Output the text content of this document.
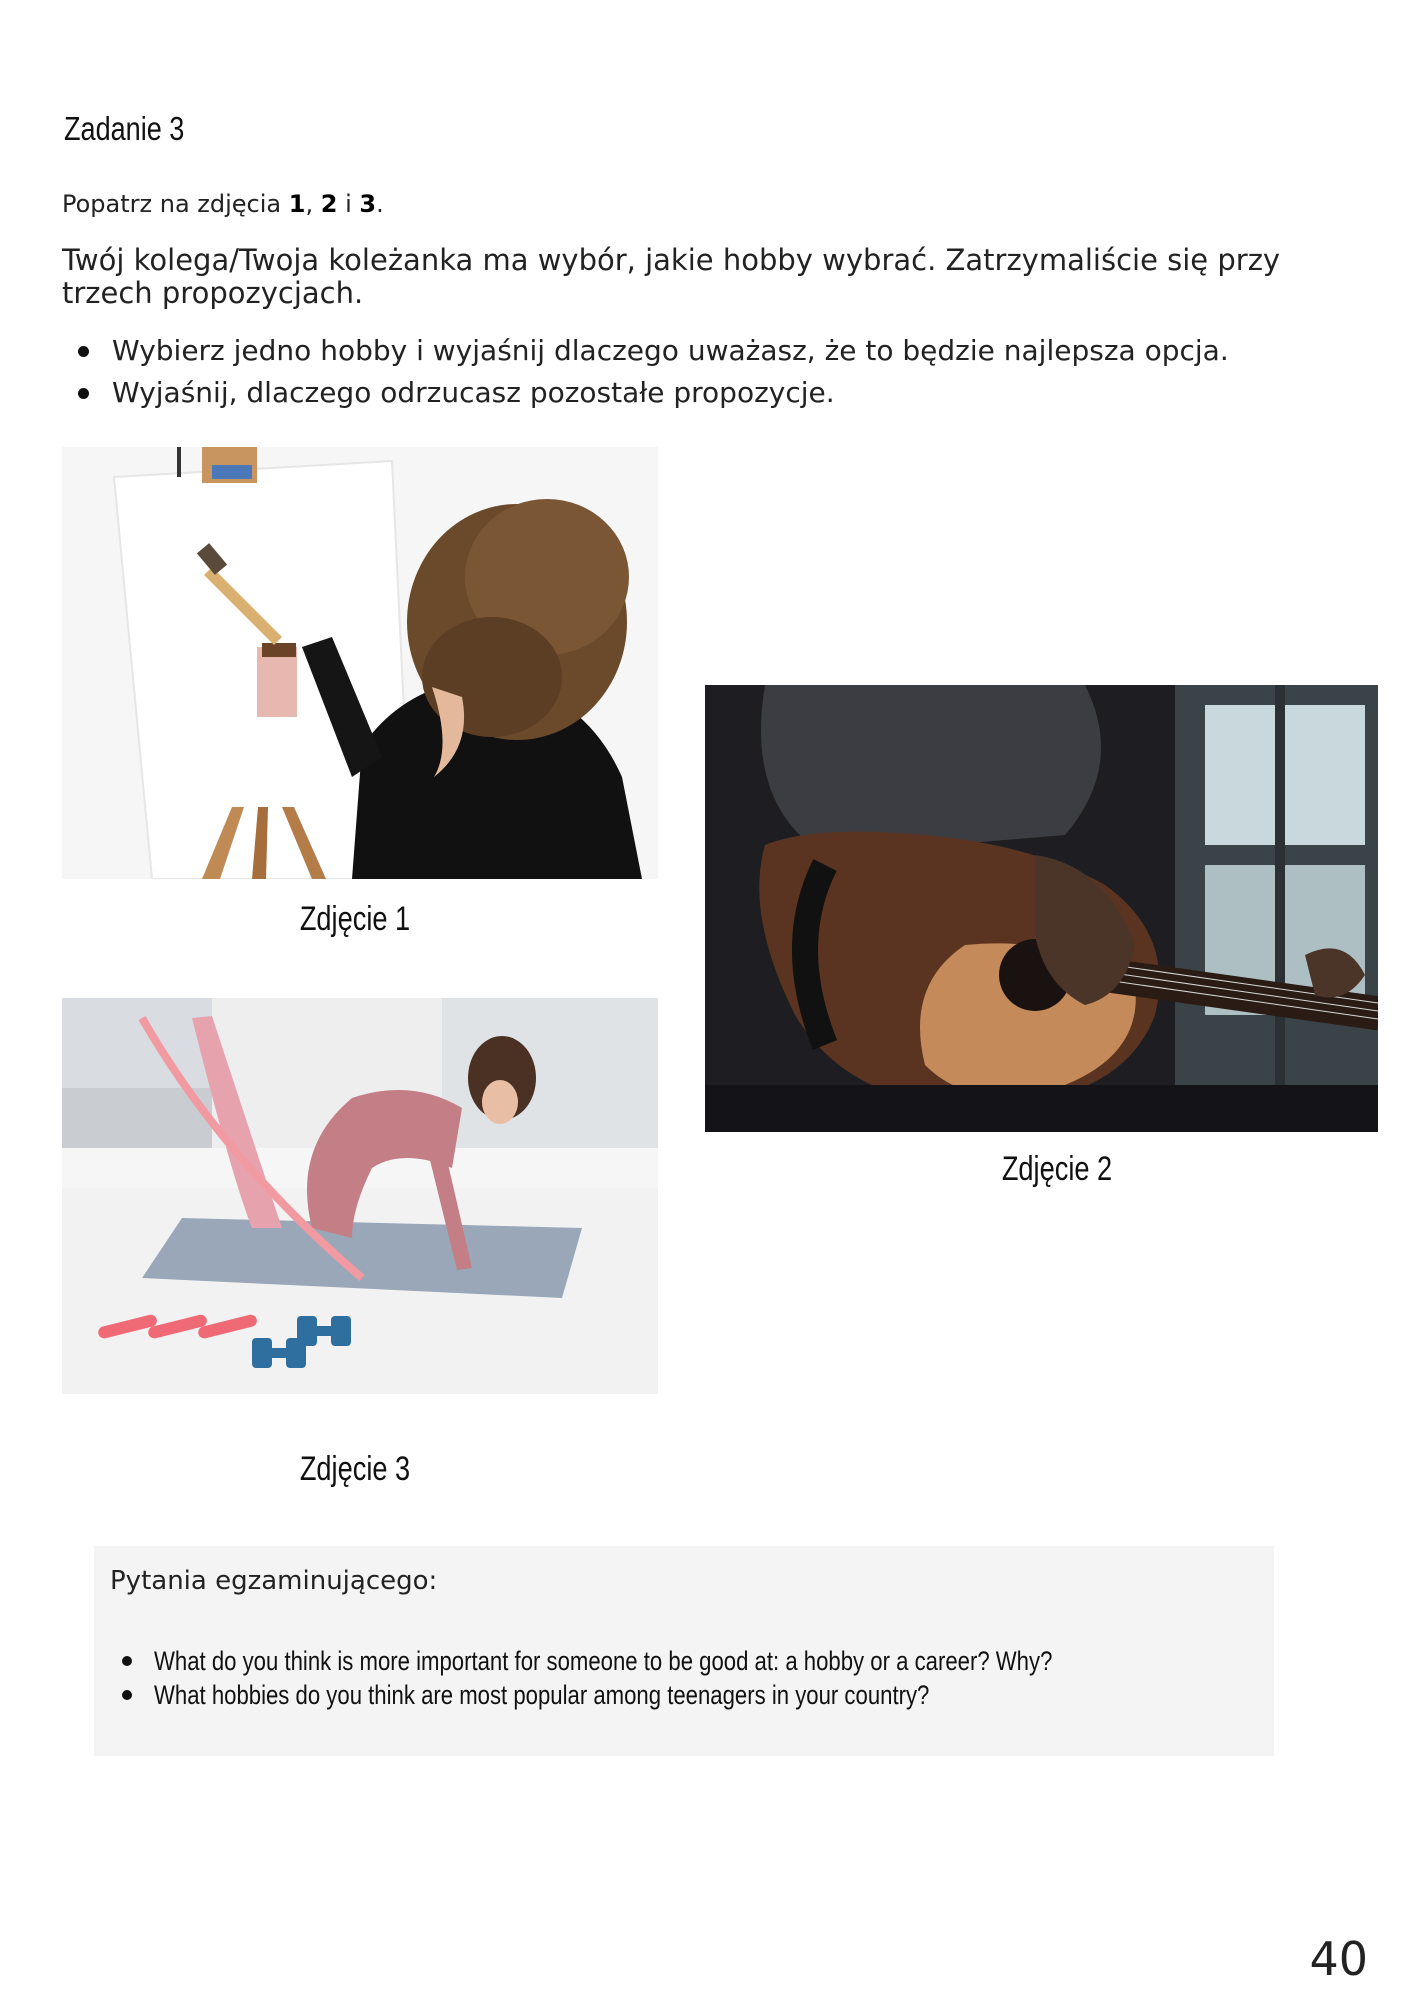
Zadanie 3
Popatrz na zdjęcia 1, 2 i 3.
Twój kolega/Twoja koleżanka ma wybór, jakie hobby wybrać. Zatrzymaliście się przy trzech propozycjach.
Wybierz jedno hobby i wyjaśnij dlaczego uważasz, że to będzie najlepsza opcja.
Wyjaśnij, dlaczego odrzucasz pozostałe propozycje.
Zdjęcie 1
Zdjęcie 2
Zdjęcie 3
Pytania egzaminującego:
What do you think is more important for someone to be good at: a hobby or a career? Why?
What hobbies do you think are most popular among teenagers in your country?
40
